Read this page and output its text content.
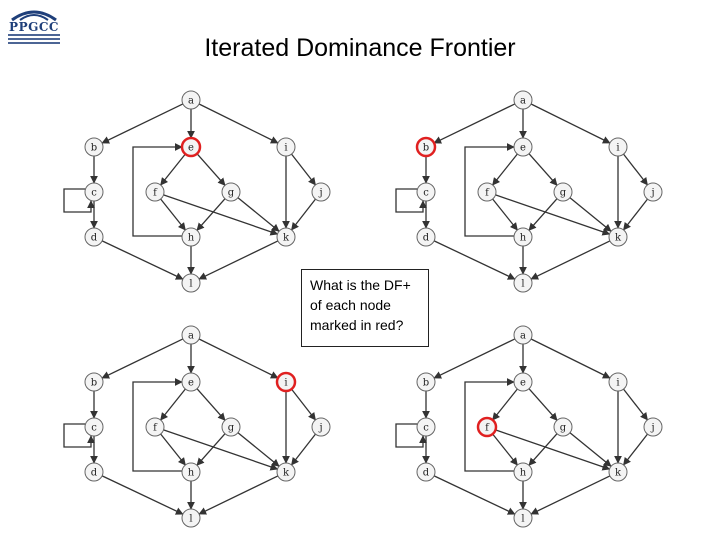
PPGCC
Iterated Dominance Frontier
a
b	e	i
c	f	g	j
d	h	k
l
a
b	e	i
c	f	g	j
d	h	k
l
a
b	e	i
c	f	g	j
d	h	k
l
a
b	e	i
c	f	g	j
d	h	k
l
What is the DF+
of each node
marked in red?
